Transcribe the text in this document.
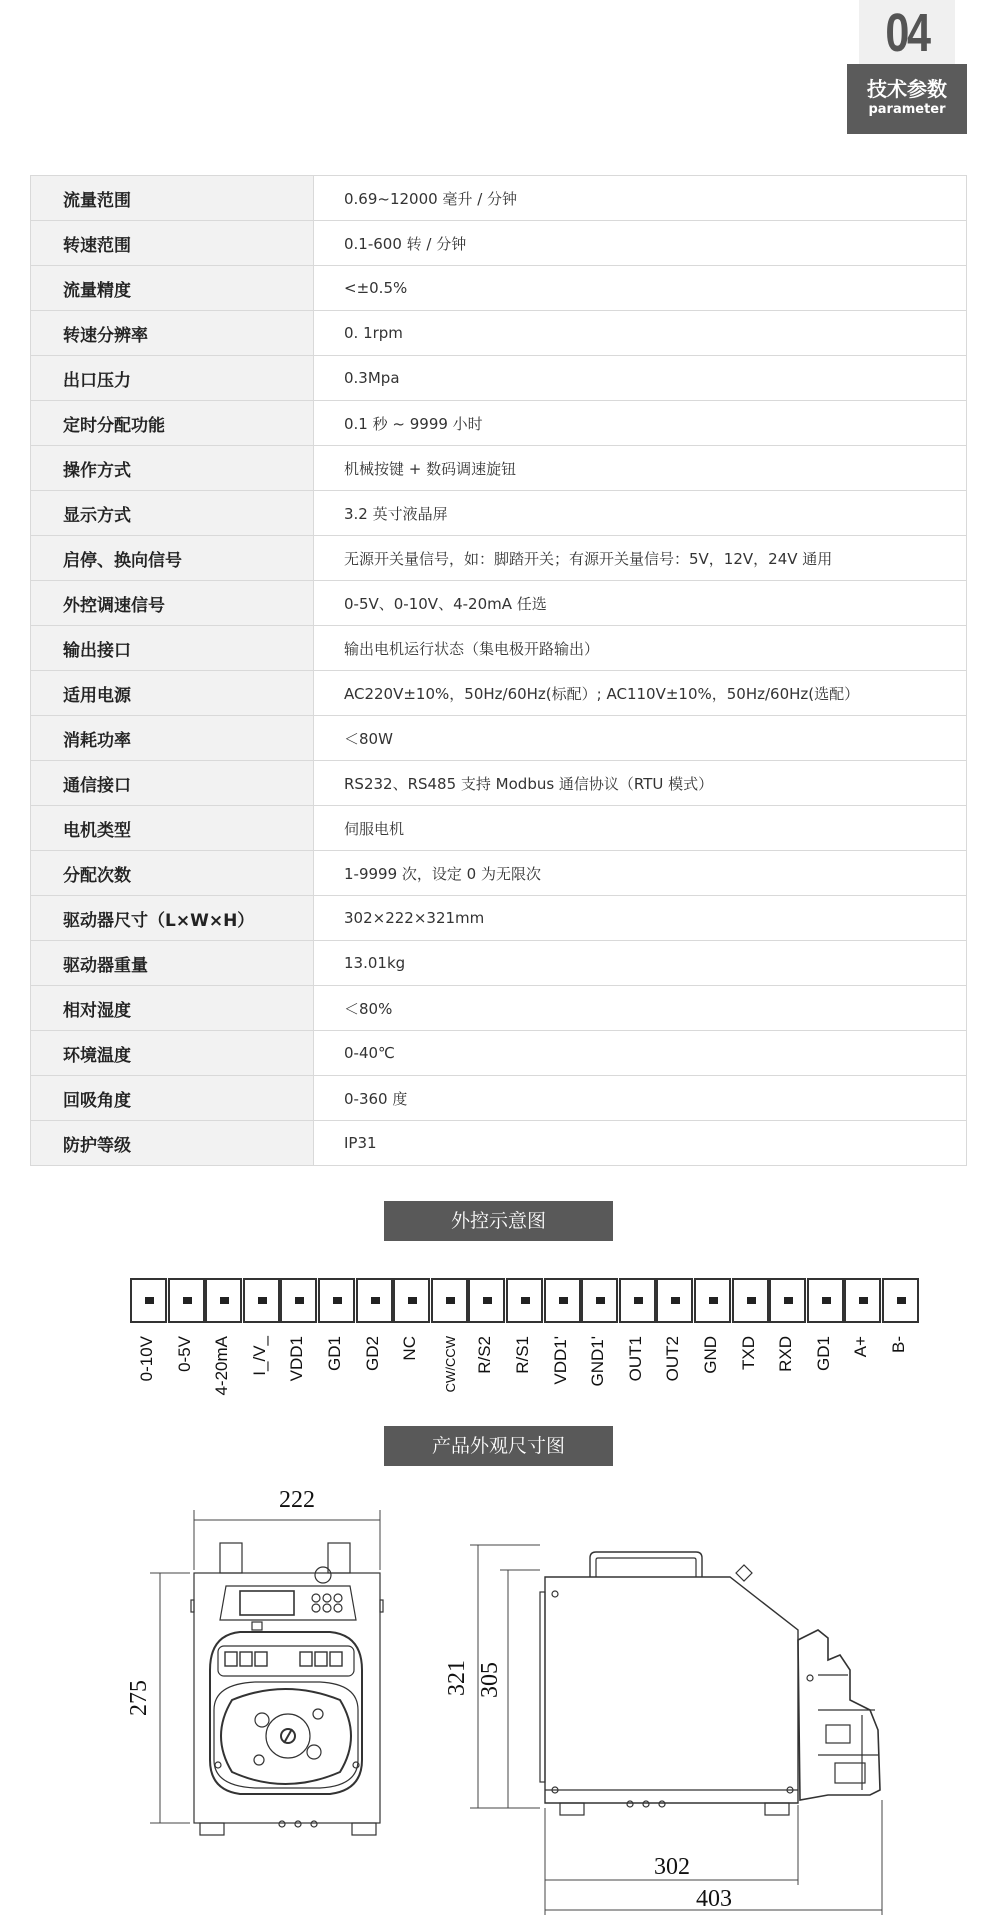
04
技术参数
parameter
流量范围	0.69~12000 毫升 / 分钟
转速范围	0.1-600 转 / 分钟
流量精度	<±0.5%
转速分辨率	0. 1rpm
出口压力	0.3Mpa
定时分配功能	0.1 秒 ~ 9999 小时
操作方式	机械按键 + 数码调速旋钮
显示方式	3.2 英寸液晶屏
启停、换向信号	无源开关量信号，如：脚踏开关；有源开关量信号：5V，12V，24V 通用
外控调速信号	0-5V、0-10V、4-20mA 任选
输出接口	输出电机运行状态（集电极开路输出）
适用电源	AC220V±10%，50Hz/60Hz(标配）; AC110V±10%，50Hz/60Hz(选配）
消耗功率	＜80W
通信接口	RS232、RS485 支持 Modbus 通信协议（RTU 模式）
电机类型	伺服电机
分配次数	1-9999 次，设定 0 为无限次
驱动器尺寸（L×W×H）	302×222×321mm
驱动器重量	13.01kg
相对湿度	＜80%
环境温度	0-40℃
回吸角度	0-360 度
防护等级	IP31
外控示意图
0-10V 0-5V 4-20mA I_/V_ VDD1 GD1 GD2 NC CW/CCW R/S2 R/S1 VDD1' GND1' OUT1 OUT2 GND TXD RXD GD1 A+ B-
产品外观尺寸图
222
275
321 305
302
403
